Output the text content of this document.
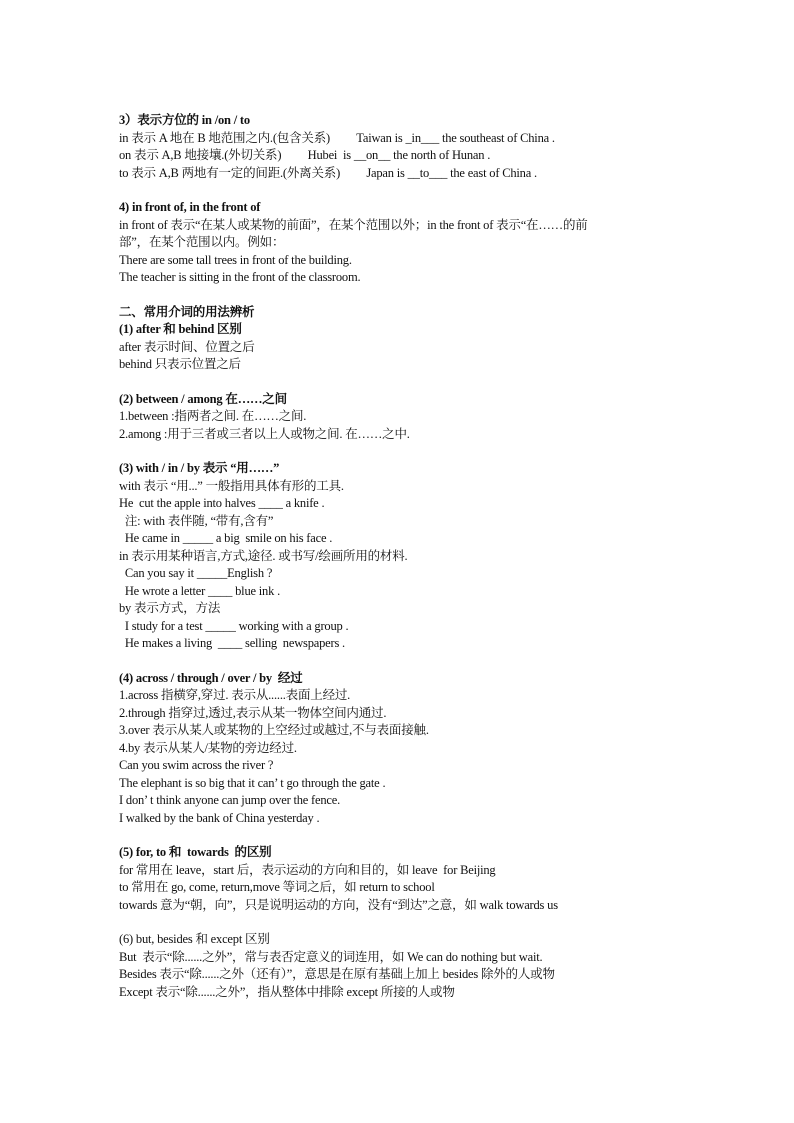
3）表示方位的 in /on / to
in 表示 A 地在 B 地范围之内.(包含关系)         Taiwan is _in___ the southeast of China .
on 表示 A,B 地接壤.(外切关系)         Hubei  is __on__ the north of Hunan .
to 表示 A,B 两地有一定的间距.(外离关系)         Japan is __to___ the east of China .
4) in front of, in the front of
in front of 表示“在某人或某物的前面”，在某个范围以外；in the front of 表示“在……的前
部”，在某个范围以内。例如：
There are some tall trees in front of the building.
The teacher is sitting in the front of the classroom.
二、常用介词的用法辨析
(1) after 和 behind 区别
after 表示时间、位置之后
behind 只表示位置之后
(2) between / among 在……之间
1.between :指两者之间. 在……之间.
2.among :用于三者或三者以上人或物之间. 在……之中.
(3) with / in / by 表示 “用……”
with 表示 “用...” 一般指用具体有形的工具.
He  cut the apple into halves ____ a knife .
注: with 表伴随, “带有,含有”
He came in _____ a big  smile on his face .
in 表示用某种语言,方式,途径. 或书写/绘画所用的材料.
Can you say it _____English ?
He wrote a letter ____ blue ink .
by 表示方式，方法
I study for a test _____ working with a group .
He makes a living  ____ selling  newspapers .
(4) across / through / over / by  经过
1.across 指横穿,穿过. 表示从......表面上经过.
2.through 指穿过,透过,表示从某一物体空间内通过.
3.over 表示从某人或某物的上空经过或越过,不与表面接触.
4.by 表示从某人/某物的旁边经过.
Can you swim across the river ?
The elephant is so big that it can’ t go through the gate .
I don’ t think anyone can jump over the fence.
I walked by the bank of China yesterday .
(5) for, to 和  towards  的区别
for 常用在 leave，start 后，表示运动的方向和目的，如 leave  for Beijing
to 常用在 go, come, return,move 等词之后，如 return to school
towards 意为“朝，向”，只是说明运动的方向，没有“到达”之意，如 walk towards us
(6) but, besides 和 except 区别
But  表示“除......之外”，常与表否定意义的词连用，如 We can do nothing but wait.
Besides 表示“除......之外（还有）”，意思是在原有基础上加上 besides 除外的人或物
Except 表示“除......之外”，指从整体中排除 except 所接的人或物
